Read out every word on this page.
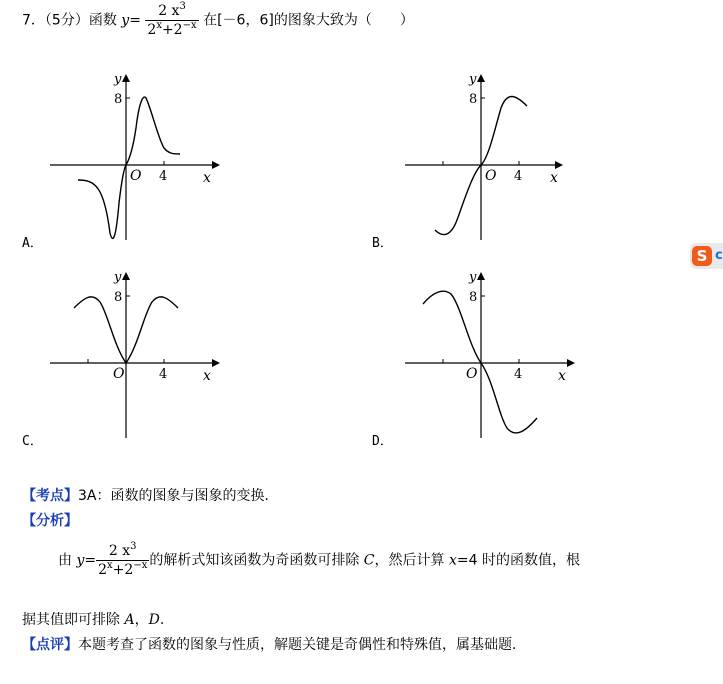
7．（5分）函数 $y= \frac{2 x^3}{2^x+2^{-x}}$ 在[－6，6]的图象大致为（　　）
y
8
O 4	x
A．
y
8
O 4 x
B．
y
8
O	4	x
C．
y
8
O	4	x
D．
S c
【考点】3A：函数的图象与图象的变换．
【分析】
由 $y= \frac{2 x^3}{2^x+2^{-x}}$ 的解析式知该函数为奇函数可排除 C，然后计算 x=4 时的函数值，根
据其值即可排除 A，D.
【点评】本题考查了函数的图象与性质，解题关键是奇偶性和特殊值，属基础题．
